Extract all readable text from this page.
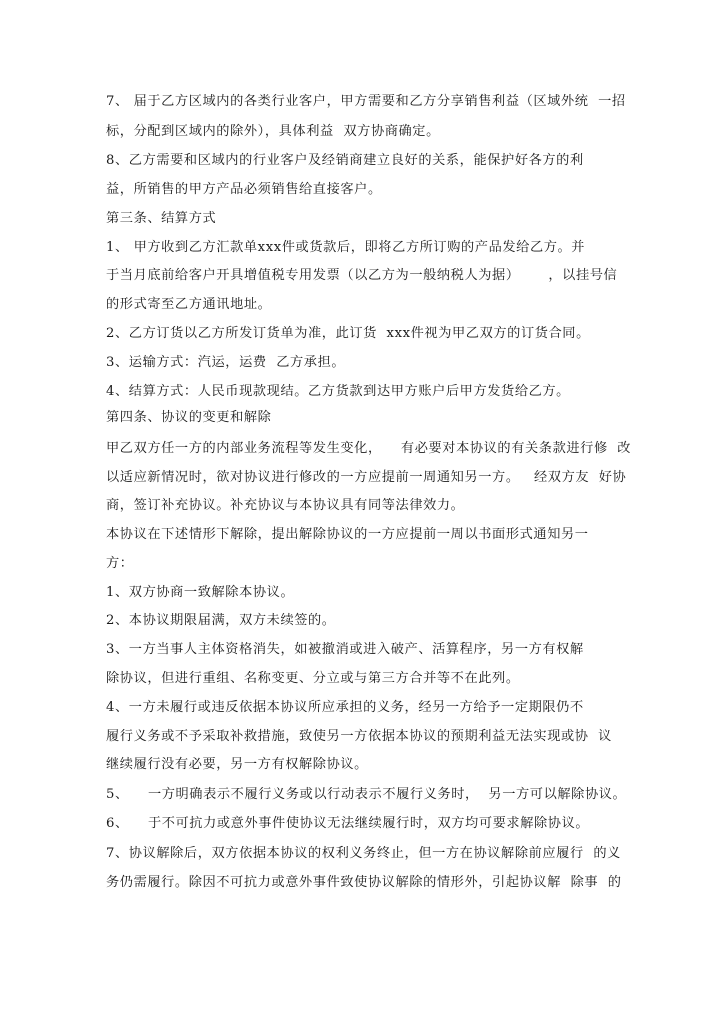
7、 届于乙方区域内的各类行业客户，甲方需要和乙方分享销售利益（区域外统  一招
标，分配到区域内的除外），具体利益  双方协商确定。
8、乙方需要和区域内的行业客户及经销商建立良好的关系，能保护好各方的利
益，所销售的甲方产品必须销售给直接客户。
第三条、结算方式
1、 甲方收到乙方汇款单xxx件或货款后，即将乙方所订购的产品发给乙方。并
于当月底前给客户开具增值税专用发票（以乙方为一般纳税人为据）      ，以挂号信
的形式寄至乙方通讯地址。
2、乙方订货以乙方所发订货单为准，此订货  xxx件视为甲乙双方的订货合同。
3、运输方式：汽运，运费  乙方承担。
4、结算方式：人民币现款现结。乙方货款到达甲方账户后甲方发货给乙方。
第四条、协议的变更和解除
甲乙双方任一方的内部业务流程等发生变化，    有必要对本协议的有关条款进行修  改
以适应新情况时，欲对协议进行修改的一方应提前一周通知另一方。   经双方友  好协
商，签订补充协议。补充协议与本协议具有同等法律效力。
本协议在下述情形下解除，提出解除协议的一方应提前一周以书面形式通知另一
方：
1、双方协商一致解除本协议。
2、本协议期限届满，双方未续签的。
3、一方当事人主体资格消失，如被撤消或进入破产、活算程序，另一方有权解
除协议，但进行重组、名称变更、分立或与第三方合并等不在此列。
4、一方未履行或违反依据本协议所应承担的义务，经另一方给予一定期限仍不
履行义务或不予采取补救措施，致使另一方依据本协议的预期利益无法实现或协  议
继续履行没有必要，另一方有权解除协议。
5、    一方明确表示不履行义务或以行动表示不履行义务时，  另一方可以解除协议。
6、    于不可抗力或意外事件使协议无法继续履行时，双方均可要求解除协议。
7、协议解除后，双方依据本协议的权利义务终止，但一方在协议解除前应履行  的义
务仍需履行。除因不可抗力或意外事件致使协议解除的情形外，引起协议解  除事  的
